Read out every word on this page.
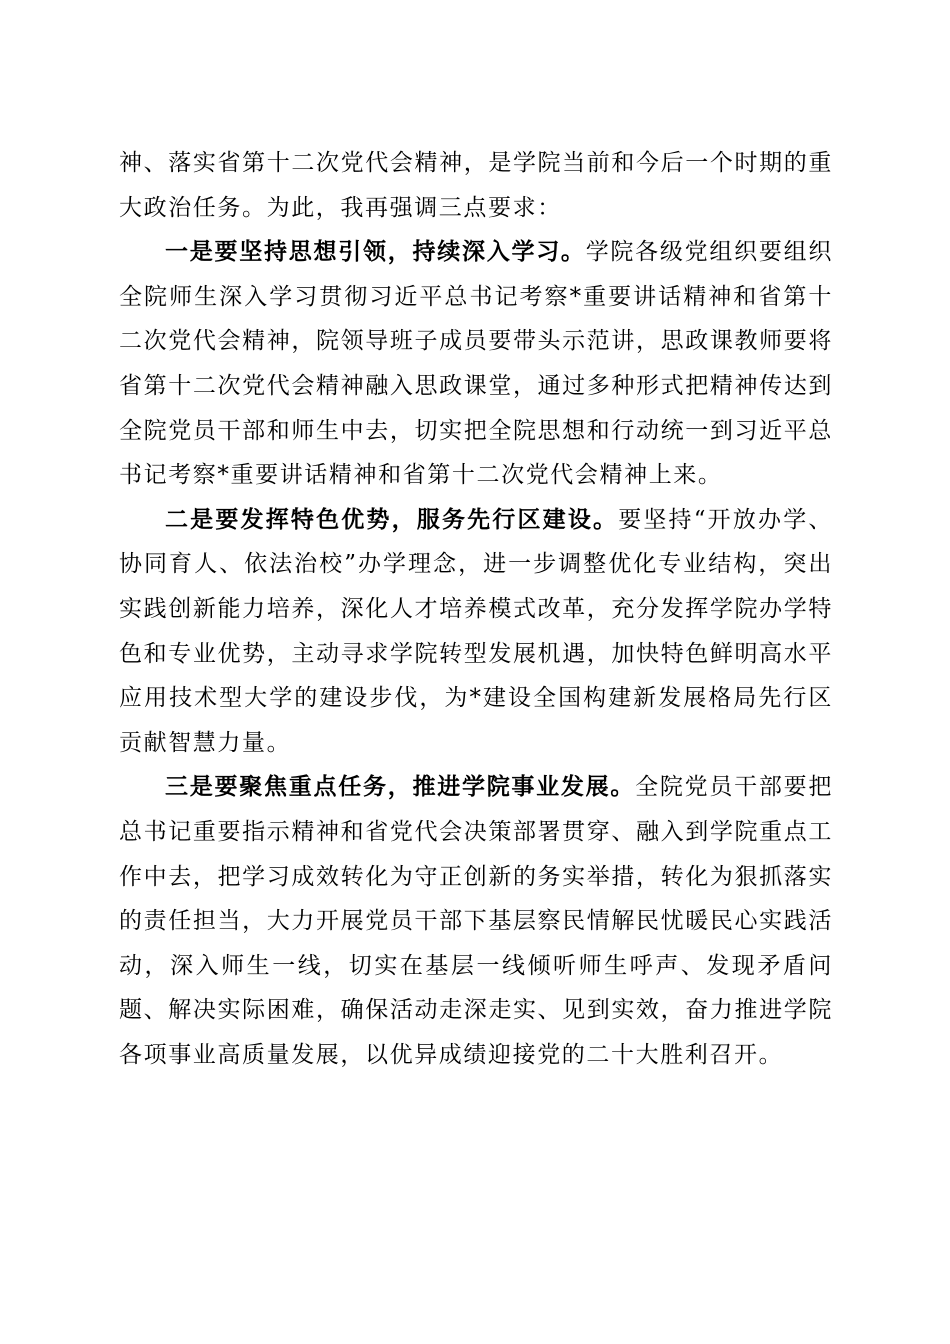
神、落实省第十二次党代会精神，是学院当前和今后一个时期的重大政治任务。为此，我再强调三点要求：

一是要坚持思想引领，持续深入学习。学院各级党组织要组织全院师生深入学习贯彻习近平总书记考察*重要讲话精神和省第十二次党代会精神，院领导班子成员要带头示范讲，思政课教师要将省第十二次党代会精神融入思政课堂，通过多种形式把精神传达到全院党员干部和师生中去，切实把全院思想和行动统一到习近平总书记考察*重要讲话精神和省第十二次党代会精神上来。

二是要发挥特色优势，服务先行区建设。要坚持“开放办学、协同育人、依法治校”办学理念，进一步调整优化专业结构，突出实践创新能力培养，深化人才培养模式改革，充分发挥学院办学特色和专业优势，主动寻求学院转型发展机遇，加快特色鲜明高水平应用技术型大学的建设步伐，为*建设全国构建新发展格局先行区贡献智慧力量。

三是要聚焦重点任务，推进学院事业发展。全院党员干部要把总书记重要指示精神和省党代会决策部署贯穿、融入到学院重点工作中去，把学习成效转化为守正创新的务实举措，转化为狠抓落实的责任担当，大力开展党员干部下基层察民情解民忧暖民心实践活动，深入师生一线，切实在基层一线倾听师生呼声、发现矛盾问题、解决实际困难，确保活动走深走实、见到实效，奋力推进学院各项事业高质量发展，以优异成绩迎接党的二十大胜利召开。
